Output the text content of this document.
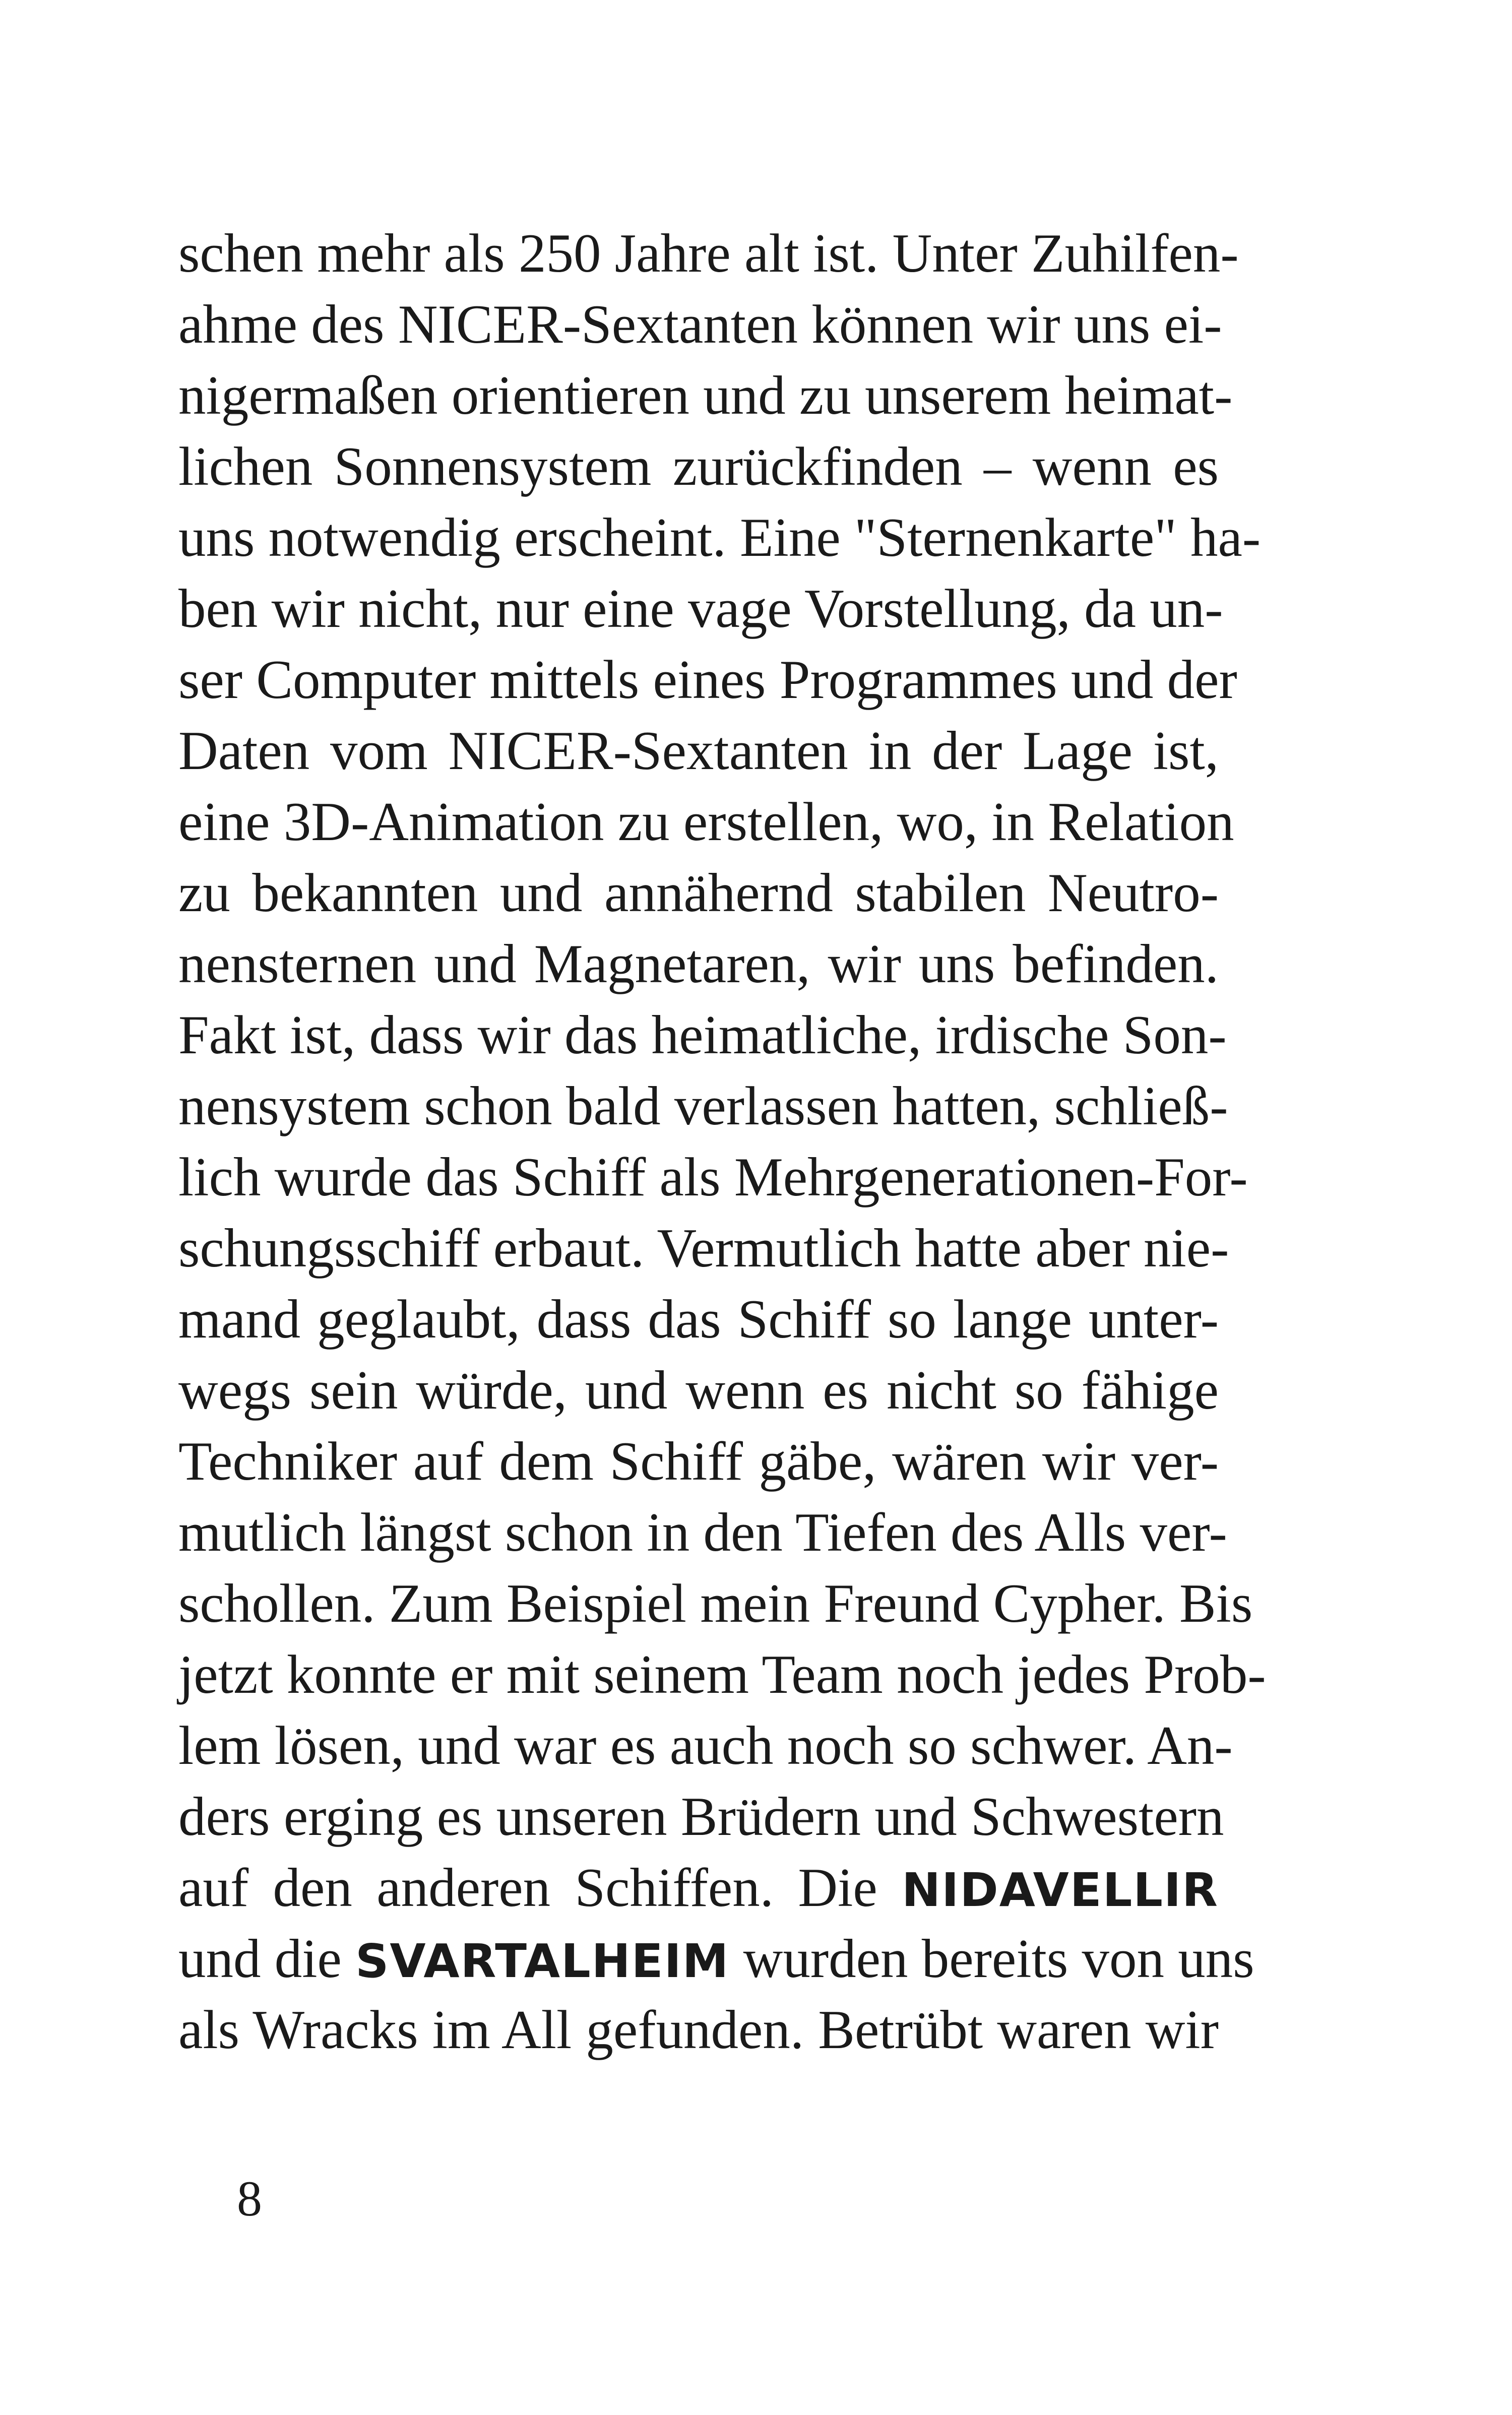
schen mehr als 250 Jahre alt ist. Unter Zuhilfen-
ahme des NICER-Sextanten können wir uns ei-
nigermaßen orientieren und zu unserem heimat-
lichen Sonnensystem zurückfinden – wenn es
uns notwendig erscheint. Eine "Sternenkarte" ha-
ben wir nicht, nur eine vage Vorstellung, da un-
ser Computer mittels eines Programmes und der
Daten vom NICER-Sextanten in der Lage ist,
eine 3D-Animation zu erstellen, wo, in Relation
zu bekannten und annähernd stabilen Neutro-
nensternen und Magnetaren, wir uns befinden.
Fakt ist, dass wir das heimatliche, irdische Son-
nensystem schon bald verlassen hatten, schließ-
lich wurde das Schiff als Mehrgenerationen-For-
schungsschiff erbaut. Vermutlich hatte aber nie-
mand geglaubt, dass das Schiff so lange unter-
wegs sein würde, und wenn es nicht so fähige
Techniker auf dem Schiff gäbe, wären wir ver-
mutlich längst schon in den Tiefen des Alls ver-
schollen. Zum Beispiel mein Freund Cypher. Bis
jetzt konnte er mit seinem Team noch jedes Prob-
lem lösen, und war es auch noch so schwer. An-
ders erging es unseren Brüdern und Schwestern
auf den anderen Schiffen. Die NIDAVELLIR
und die SVARTALHEIM wurden bereits von uns
als Wracks im All gefunden. Betrübt waren wir
8
